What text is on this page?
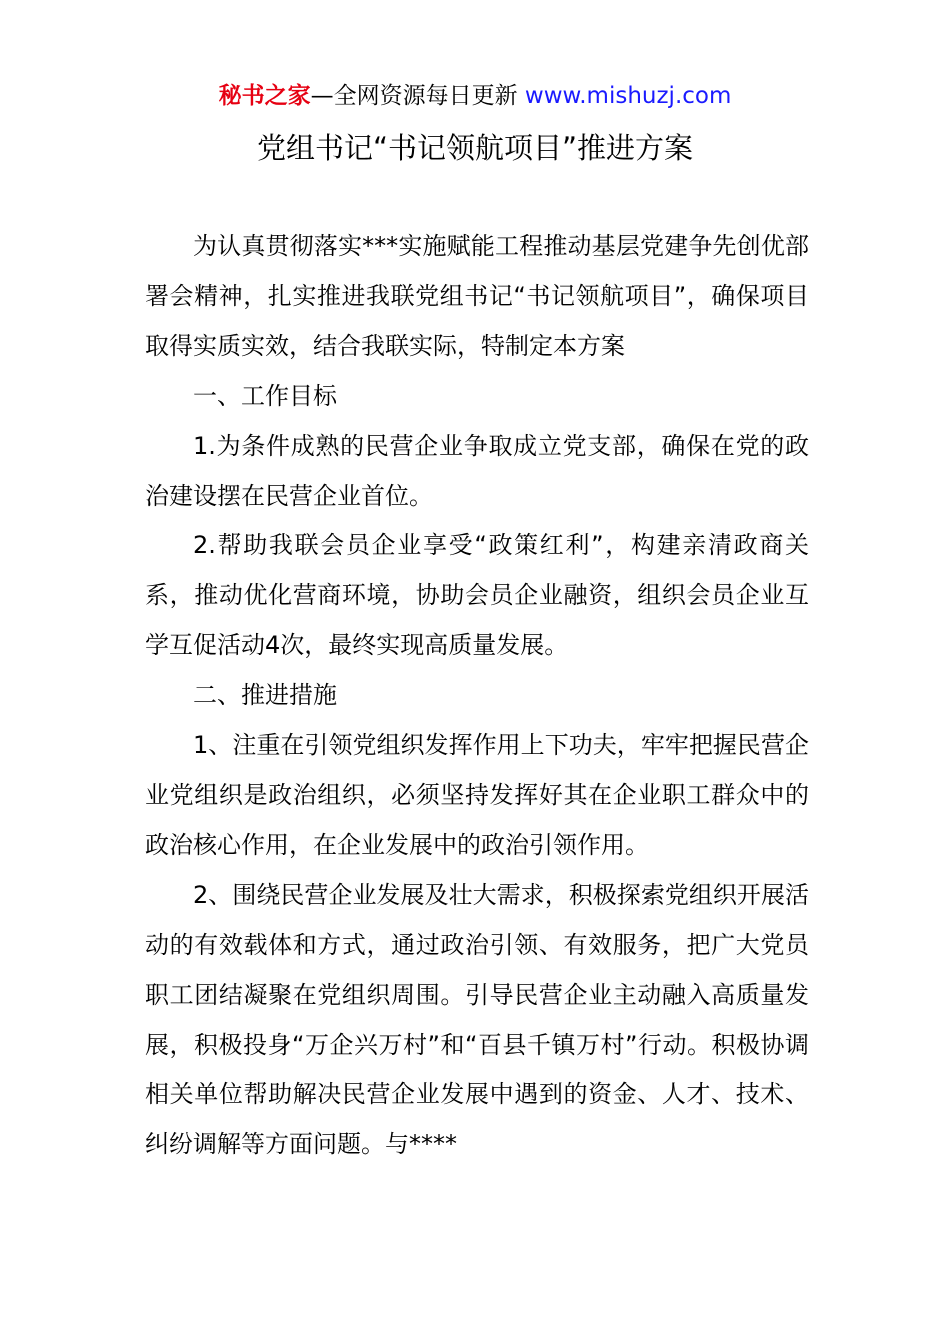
秘书之家—全网资源每日更新 www.mishuzj.com
党组书记“书记领航项目”推进方案

为认真贯彻落实***实施赋能工程推动基层党建争先创优部署会精神，扎实推进我联党组书记“书记领航项目”，确保项目取得实质实效，结合我联实际，特制定本方案

一、工作目标

1.为条件成熟的民营企业争取成立党支部，确保在党的政治建设摆在民营企业首位。

2.帮助我联会员企业享受“政策红利”，构建亲清政商关系，推动优化营商环境，协助会员企业融资，组织会员企业互学互促活动4次，最终实现高质量发展。

二、推进措施

1、注重在引领党组织发挥作用上下功夫，牢牢把握民营企业党组织是政治组织，必须坚持发挥好其在企业职工群众中的政治核心作用，在企业发展中的政治引领作用。

2、围绕民营企业发展及壮大需求，积极探索党组织开展活动的有效载体和方式，通过政治引领、有效服务，把广大党员职工团结凝聚在党组织周围。引导民营企业主动融入高质量发展，积极投身“万企兴万村”和“百县千镇万村”行动。积极协调相关单位帮助解决民营企业发展中遇到的资金、人才、技术、纠纷调解等方面问题。与****
